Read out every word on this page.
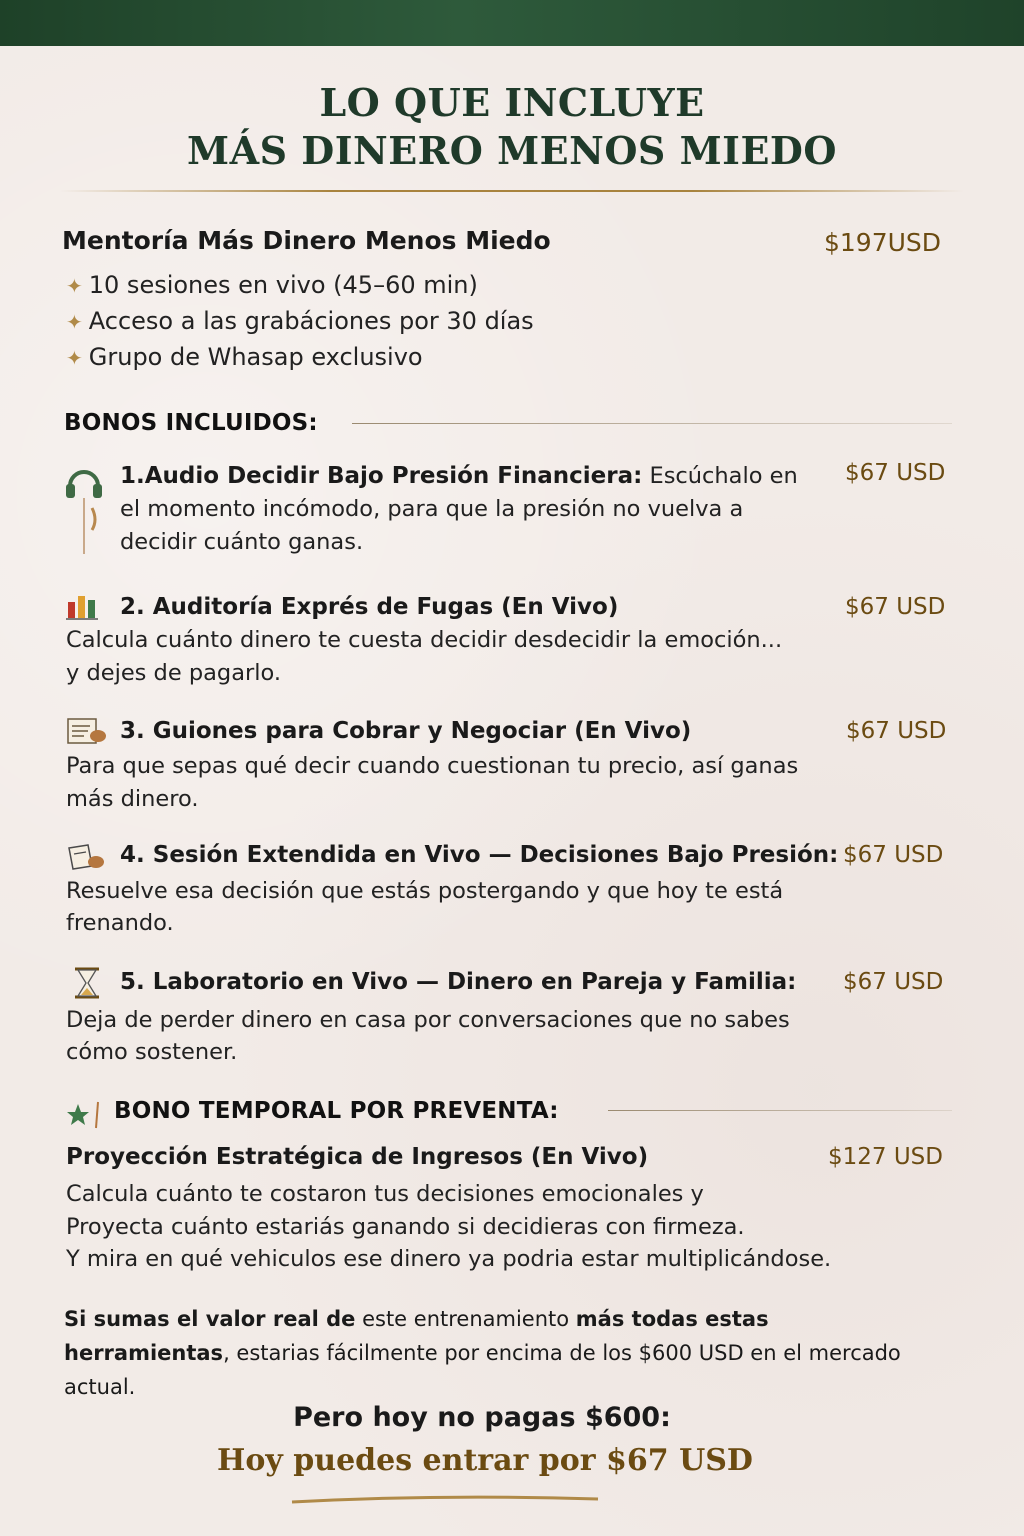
LO QUE INCLUYE
MÁS DINERO MENOS MIEDO
Mentoría Más Dinero Menos Miedo	$197USD
✦ 10 sesiones en vivo (45–60 min)
✦ Acceso a las grabáciones por 30 días
✦ Grupo de Whasap exclusivo
BONOS INCLUIDOS:
1.Audio Decidir Bajo Presión Financiera: Escúchalo en
el momento incómodo, para que la presión no vuelva a
decidir cuánto ganas.
$67 USD
2. Auditoría Exprés de Fugas (En Vivo)	$67 USD
Calcula cuánto dinero te cuesta decidir desdecidir la emoción...
y dejes de pagarlo.
3. Guiones para Cobrar y Negociar (En Vivo)	$67 USD
Para que sepas qué decir cuando cuestionan tu precio, así ganas
más dinero.
4. Sesión Extendida en Vivo — Decisiones Bajo Presión: $67 USD
Resuelve esa decisión que estás postergando y que hoy te está
frenando.
5. Laboratorio en Vivo — Dinero en Pareja y Familia: $67 USD
Deja de perder dinero en casa por conversaciones que no sabes
cómo sostener.
BONO TEMPORAL POR PREVENTA:
Proyección Estratégica de Ingresos (En Vivo)	$127 USD
Calcula cuánto te costaron tus decisiones emocionales y
Proyecta cuánto estariás ganando si decidieras con firmeza.
Y mira en qué vehiculos ese dinero ya podria estar multiplicándose.
Si sumas el valor real de este entrenamiento más todas estas
herramientas, estarias fácilmente por encima de los $600 USD en el mercado
actual.
Pero hoy no pagas $600:
Hoy puedes entrar por $67 USD
